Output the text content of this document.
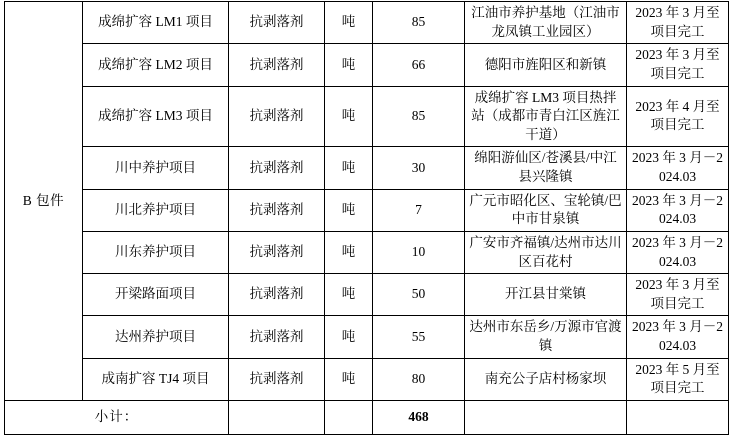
B 包件	成绵扩容 LM1 项目	抗剥落剂	吨	85	江油市养护基地（江油市龙凤镇工业园区）	2023 年 3 月至项目完工
	成绵扩容 LM2 项目	抗剥落剂	吨	66	德阳市旌阳区和新镇	2023 年 3 月至项目完工
	成绵扩容 LM3 项目	抗剥落剂	吨	85	成绵扩容 LM3 项目热拌站（成都市青白江区旌江干道）	2023 年 4 月至项目完工
	川中养护项目	抗剥落剂	吨	30	绵阳游仙区/苍溪县/中江县兴隆镇	2023 年 3 月－2024.03
	川北养护项目	抗剥落剂	吨	7	广元市昭化区、宝轮镇/巴中市甘泉镇	2023 年 3 月－2024.03
	川东养护项目	抗剥落剂	吨	10	广安市齐福镇/达州市达川区百花村	2023 年 3 月－2024.03
	开梁路面项目	抗剥落剂	吨	50	开江县甘棠镇	2023 年 3 月至项目完工
	达州养护项目	抗剥落剂	吨	55	达州市东岳乡/万源市官渡镇	2023 年 3 月－2024.03
	成南扩容 TJ4 项目	抗剥落剂	吨	80	南充公子店村杨家坝	2023 年 5 月至项目完工
小计：				468		
